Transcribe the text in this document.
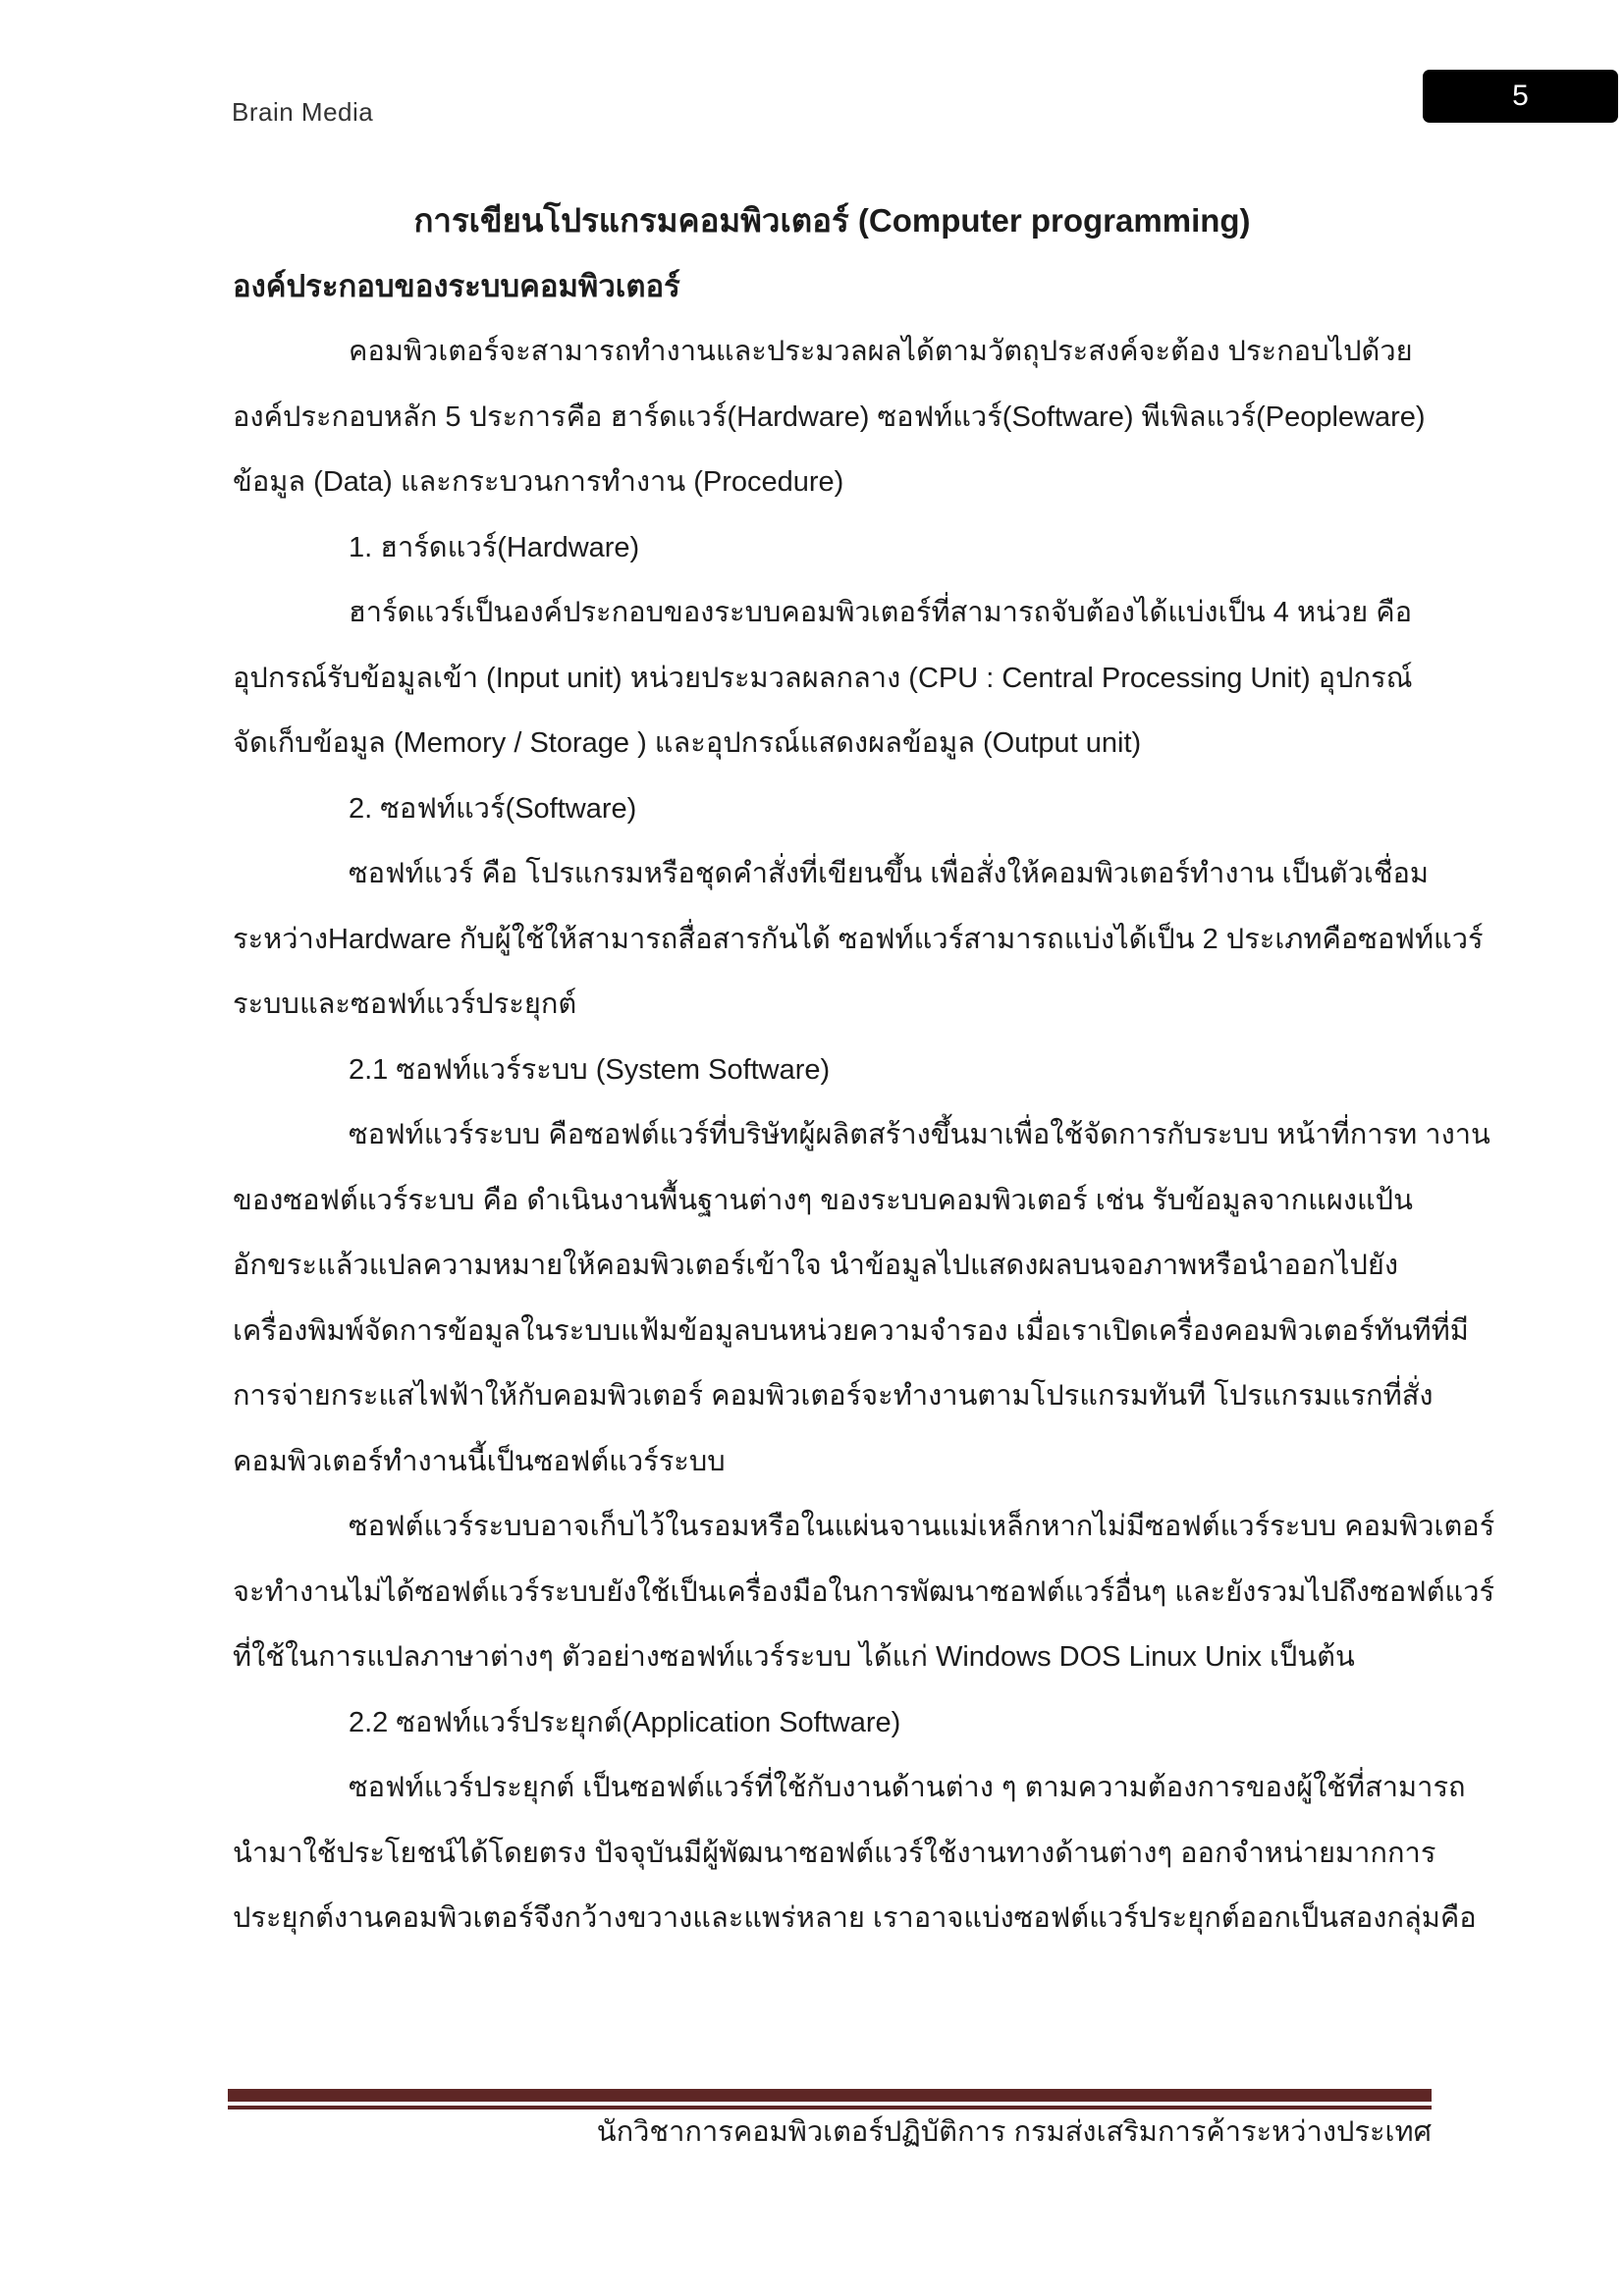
Brain Media	5
การเขียนโปรแกรมคอมพิวเตอร์ (Computer programming)
องค์ประกอบของระบบคอมพิวเตอร์
คอมพิวเตอร์จะสามารถทำงานและประมวลผลได้ตามวัตถุประสงค์จะต้อง ประกอบไปด้วย
องค์ประกอบหลัก 5 ประการคือ ฮาร์ดแวร์(Hardware) ซอฟท์แวร์(Software) พีเพิลแวร์(Peopleware)
ข้อมูล (Data) และกระบวนการทำงาน (Procedure)
1. ฮาร์ดแวร์(Hardware)
ฮาร์ดแวร์เป็นองค์ประกอบของระบบคอมพิวเตอร์ที่สามารถจับต้องได้แบ่งเป็น 4 หน่วย คือ
อุปกรณ์รับข้อมูลเข้า (Input unit) หน่วยประมวลผลกลาง (CPU : Central Processing Unit) อุปกรณ์
จัดเก็บข้อมูล (Memory / Storage ) และอุปกรณ์แสดงผลข้อมูล (Output unit)
2. ซอฟท์แวร์(Software)
ซอฟท์แวร์ คือ โปรแกรมหรือชุดคำสั่งที่เขียนขึ้น เพื่อสั่งให้คอมพิวเตอร์ทำงาน เป็นตัวเชื่อม
ระหว่างHardware กับผู้ใช้ให้สามารถสื่อสารกันได้ ซอฟท์แวร์สามารถแบ่งได้เป็น 2 ประเภทคือซอฟท์แวร์
ระบบและซอฟท์แวร์ประยุกต์
2.1 ซอฟท์แวร์ระบบ (System Software)
ซอฟท์แวร์ระบบ คือซอฟต์แวร์ที่บริษัทผู้ผลิตสร้างขึ้นมาเพื่อใช้จัดการกับระบบ หน้าที่การท างาน
ของซอฟต์แวร์ระบบ คือ ดำเนินงานพื้นฐานต่างๆ ของระบบคอมพิวเตอร์ เช่น รับข้อมูลจากแผงแป้น
อักขระแล้วแปลความหมายให้คอมพิวเตอร์เข้าใจ นำข้อมูลไปแสดงผลบนจอภาพหรือนำออกไปยัง
เครื่องพิมพ์จัดการข้อมูลในระบบแฟ้มข้อมูลบนหน่วยความจำรอง เมื่อเราเปิดเครื่องคอมพิวเตอร์ทันทีที่มี
การจ่ายกระแสไฟฟ้าให้กับคอมพิวเตอร์ คอมพิวเตอร์จะทำงานตามโปรแกรมทันที โปรแกรมแรกที่สั่ง
คอมพิวเตอร์ทำงานนี้เป็นซอฟต์แวร์ระบบ
ซอฟต์แวร์ระบบอาจเก็บไว้ในรอมหรือในแผ่นจานแม่เหล็กหากไม่มีซอฟต์แวร์ระบบ คอมพิวเตอร์
จะทำงานไม่ได้ซอฟต์แวร์ระบบยังใช้เป็นเครื่องมือในการพัฒนาซอฟต์แวร์อื่นๆ และยังรวมไปถึงซอฟต์แวร์
ที่ใช้ในการแปลภาษาต่างๆ ตัวอย่างซอฟท์แวร์ระบบ ได้แก่ Windows DOS Linux Unix เป็นต้น
2.2 ซอฟท์แวร์ประยุกต์(Application Software)
ซอฟท์แวร์ประยุกต์ เป็นซอฟต์แวร์ที่ใช้กับงานด้านต่าง ๆ ตามความต้องการของผู้ใช้ที่สามารถ
นำมาใช้ประโยชน์ได้โดยตรง ปัจจุบันมีผู้พัฒนาซอฟต์แวร์ใช้งานทางด้านต่างๆ ออกจำหน่ายมากการ
ประยุกต์งานคอมพิวเตอร์จึงกว้างขวางและแพร่หลาย เราอาจแบ่งซอฟต์แวร์ประยุกต์ออกเป็นสองกลุ่มคือ
นักวิชาการคอมพิวเตอร์ปฏิบัติการ กรมส่งเสริมการค้าระหว่างประเทศ
